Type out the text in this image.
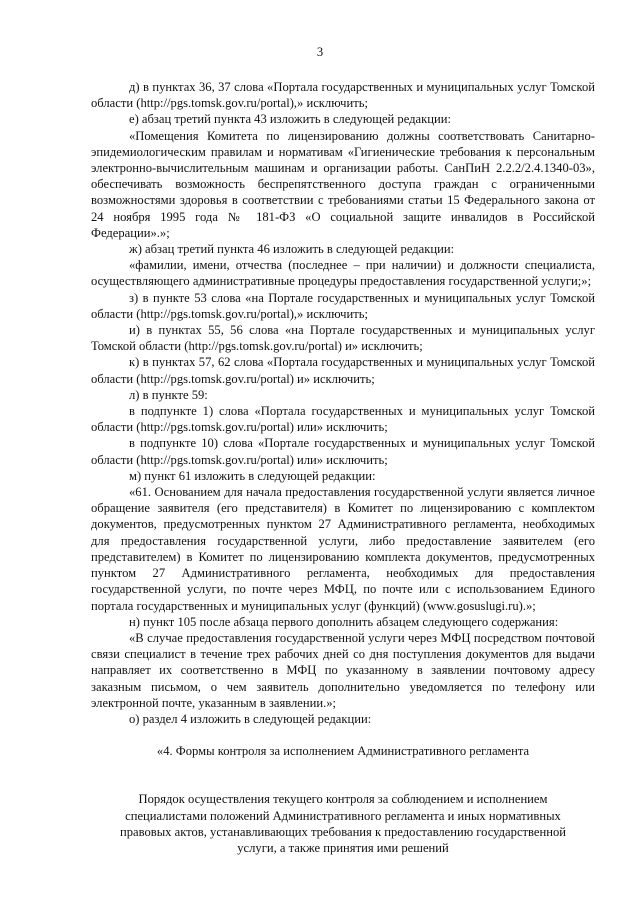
3

д) в пунктах 36, 37 слова «Портала государственных и муниципальных услуг Томской области (http://pgs.tomsk.gov.ru/portal),» исключить;

е) абзац третий пункта 43 изложить в следующей редакции:

«Помещения Комитета по лицензированию должны соответствовать Санитарно-эпидемиологическим правилам и нормативам «Гигиенические требования к персональным электронно-вычислительным машинам и организации работы. СанПиН 2.2.2/2.4.1340-03», обеспечивать возможность беспрепятственного доступа граждан с ограниченными возможностями здоровья в соответствии с требованиями статьи 15 Федерального закона от 24 ноября 1995 года № 181-ФЗ «О социальной защите инвалидов в Российской Федерации».»;

ж) абзац третий пункта 46 изложить в следующей редакции:

«фамилии, имени, отчества (последнее – при наличии) и должности специалиста, осуществляющего административные процедуры предоставления государственной услуги;»;

з) в пункте 53 слова «на Портале государственных и муниципальных услуг Томской области (http://pgs.tomsk.gov.ru/portal),» исключить;

и) в пунктах 55, 56 слова «на Портале государственных и муниципальных услуг Томской области (http://pgs.tomsk.gov.ru/portal) и» исключить;

к) в пунктах 57, 62 слова «Портала государственных и муниципальных услуг Томской области (http://pgs.tomsk.gov.ru/portal) и» исключить;

л) в пункте 59:

в подпункте 1) слова «Портала государственных и муниципальных услуг Томской области (http://pgs.tomsk.gov.ru/portal) или» исключить;

в подпункте 10) слова «Портале государственных и муниципальных услуг Томской области (http://pgs.tomsk.gov.ru/portal) или» исключить;

м) пункт 61 изложить в следующей редакции:

«61. Основанием для начала предоставления государственной услуги является личное обращение заявителя (его представителя) в Комитет по лицензированию с комплектом документов, предусмотренных пунктом 27 Административного регламента, необходимых для предоставления государственной услуги, либо предоставление заявителем (его представителем) в Комитет по лицензированию комплекта документов, предусмотренных пунктом 27 Административного регламента, необходимых для предоставления государственной услуги, по почте через МФЦ, по почте или с использованием Единого портала государственных и муниципальных услуг (функций) (www.gosuslugi.ru).»;

н) пункт 105 после абзаца первого дополнить абзацем следующего содержания:

«В случае предоставления государственной услуги через МФЦ посредством почтовой связи специалист в течение трех рабочих дней со дня поступления документов для выдачи направляет их соответственно в МФЦ по указанному в заявлении почтовому адресу заказным письмом, о чем заявитель дополнительно уведомляется по телефону или электронной почте, указанным в заявлении.»;

о) раздел 4 изложить в следующей редакции:

«4. Формы контроля за исполнением Административного регламента

Порядок осуществления текущего контроля за соблюдением и исполнением специалистами положений Административного регламента и иных нормативных правовых актов, устанавливающих требования к предоставлению государственной услуги, а также принятия ими решений
